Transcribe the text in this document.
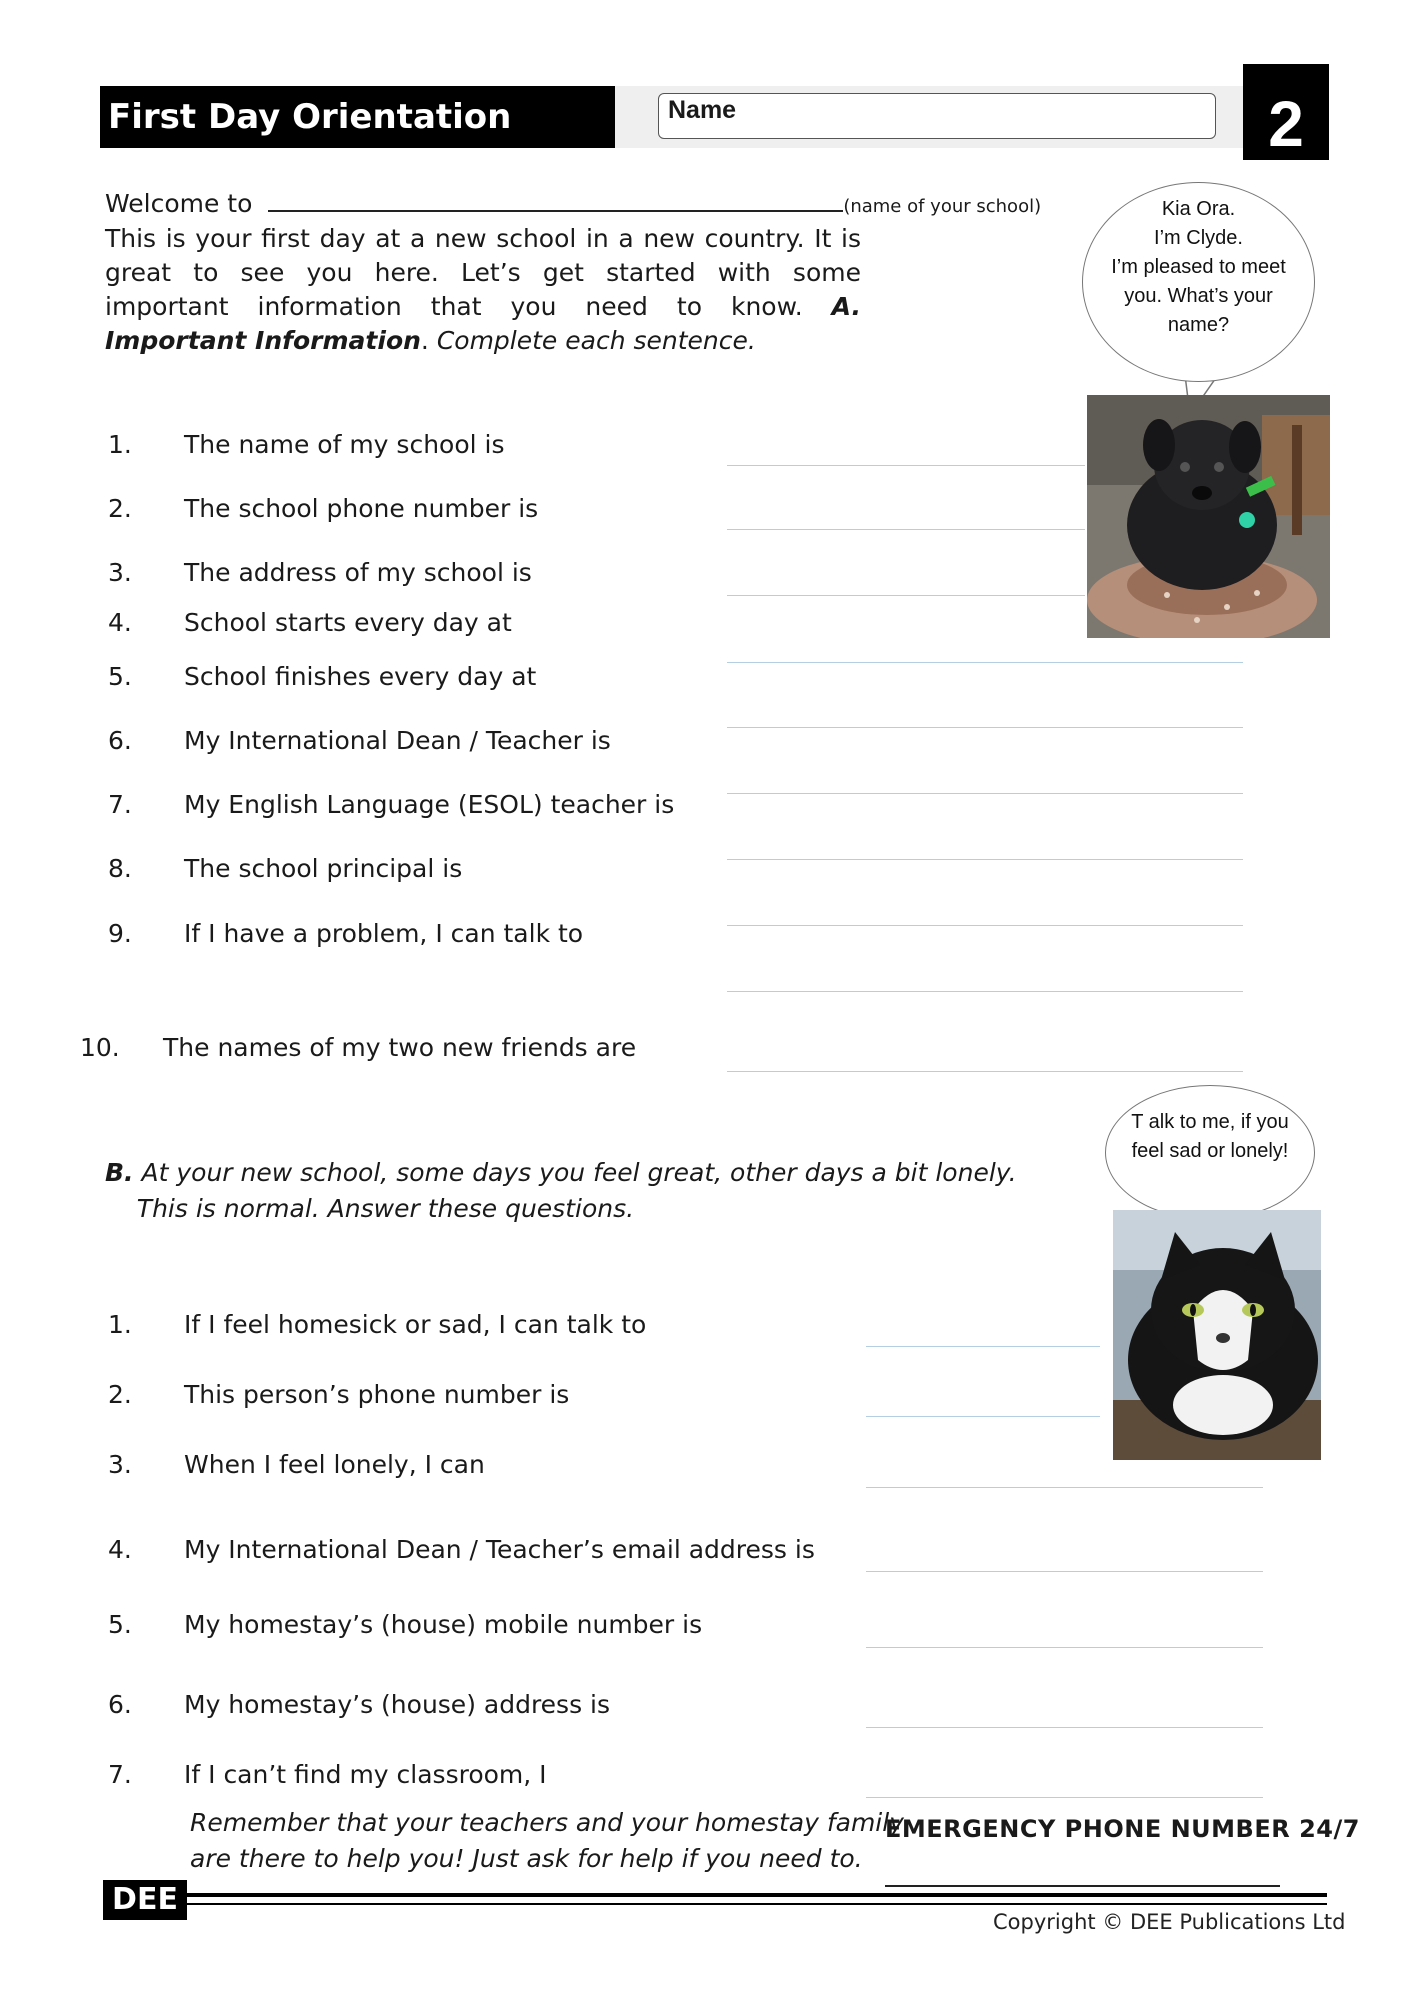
First Day Orientation	Name	2
Welcome to	(name of your school)
This is your first day at a new school in a new country. It is great to see you here. Let’s get started with some important information that you need to know. A. Important Information. Complete each sentence.
Kia Ora.
I’m Clyde.
I’m pleased to meet
you. What’s your
name?
1.	The name of my school is
2.	The school phone number is
3.	The address of my school is
4.	School starts every day at
5.	School finishes every day at
6.	My International Dean / Teacher is
7.	My English Language (ESOL) teacher is
8.	The school principal is
9.	If I have a problem, I can talk to
10. The names of my two new friends are
B. At your new school, some days you feel great, other days a bit lonely.
This is normal. Answer these questions.
T alk to me, if you
feel sad or lonely!
1.	If I feel homesick or sad, I can talk to
2.	This person’s phone number is
3.	When I feel lonely, I can
4.	My International Dean / Teacher’s email address is
5.	My homestay’s (house) mobile number is
6.	My homestay’s (house) address is
7.	If I can’t find my classroom, I
Remember that your teachers and your homestay family
are there to help you! Just ask for help if you need to.
EMERGENCY PHONE NUMBER 24/7
DEE
Copyright © DEE Publications Ltd
